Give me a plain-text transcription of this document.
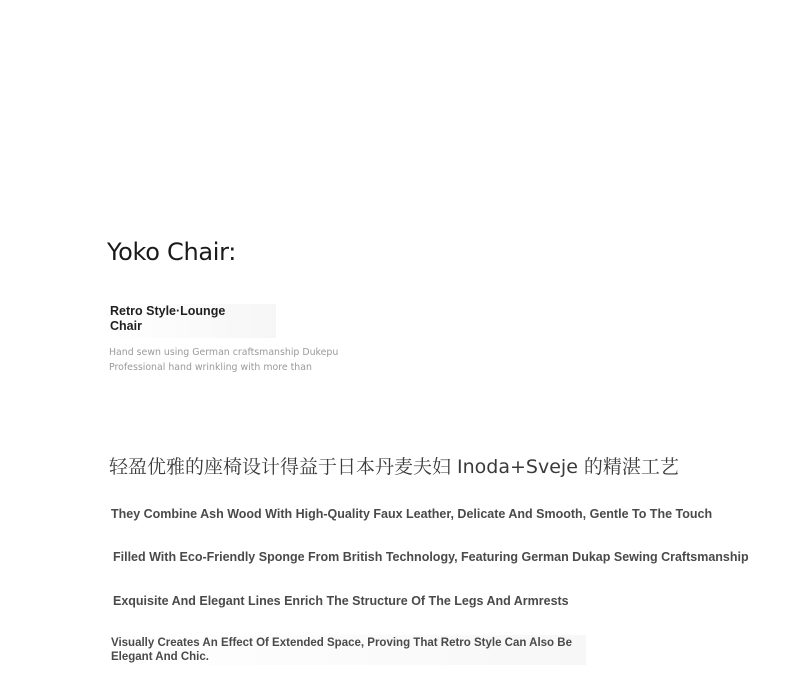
Yoko Chair:
Retro Style·Lounge Chair
Hand sewn using German craftsmanship Dukepu Professional hand wrinkling with more than
轻盈优雅的座椅设计得益于日本丹麦夫妇 Inoda+Sveje 的精湛工艺
They Combine Ash Wood With High-Quality Faux Leather, Delicate And Smooth, Gentle To The Touch
Filled With Eco-Friendly Sponge From British Technology, Featuring German Dukap Sewing Craftsmanship
Exquisite And Elegant Lines Enrich The Structure Of The Legs And Armrests
Visually Creates An Effect Of Extended Space, Proving That Retro Style Can Also Be Elegant And Chic.
